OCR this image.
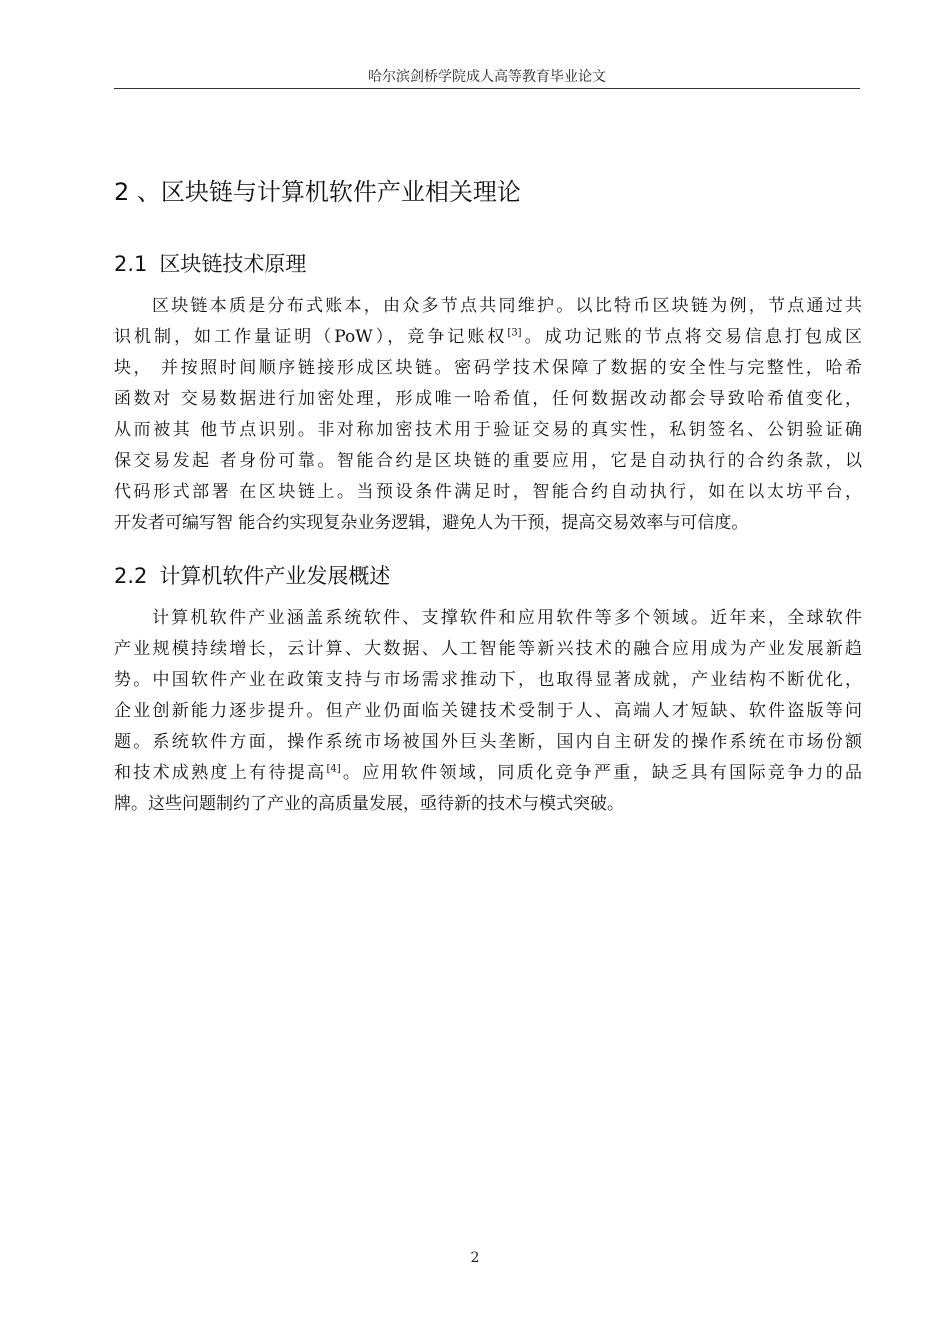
哈尔滨剑桥学院成人高等教育毕业论文
2 、区块链与计算机软件产业相关理论
2.1 区块链技术原理
区块链本质是分布式账本，由众多节点共同维护。以比特币区块链为例，节点通过共
识机制，如工作量证明（PoW），竞争记账权[3]。成功记账的节点将交易信息打包成区
块， 并按照时间顺序链接形成区块链。密码学技术保障了数据的安全性与完整性，哈希
函数对 交易数据进行加密处理，形成唯一哈希值，任何数据改动都会导致哈希值变化，
从而被其 他节点识别。非对称加密技术用于验证交易的真实性，私钥签名、公钥验证确
保交易发起 者身份可靠。智能合约是区块链的重要应用，它是自动执行的合约条款，以
代码形式部署 在区块链上。当预设条件满足时，智能合约自动执行，如在以太坊平台，
开发者可编写智 能合约实现复杂业务逻辑，避免人为干预，提高交易效率与可信度。
2.2 计算机软件产业发展概述
计算机软件产业涵盖系统软件、支撑软件和应用软件等多个领域。近年来，全球软件
产业规模持续增长，云计算、大数据、人工智能等新兴技术的融合应用成为产业发展新趋
势。中国软件产业在政策支持与市场需求推动下，也取得显著成就，产业结构不断优化，
企业创新能力逐步提升。但产业仍面临关键技术受制于人、高端人才短缺、软件盗版等问
题。系统软件方面，操作系统市场被国外巨头垄断，国内自主研发的操作系统在市场份额
和技术成熟度上有待提高[4]。应用软件领域，同质化竞争严重，缺乏具有国际竞争力的品
牌。这些问题制约了产业的高质量发展，亟待新的技术与模式突破。
2
